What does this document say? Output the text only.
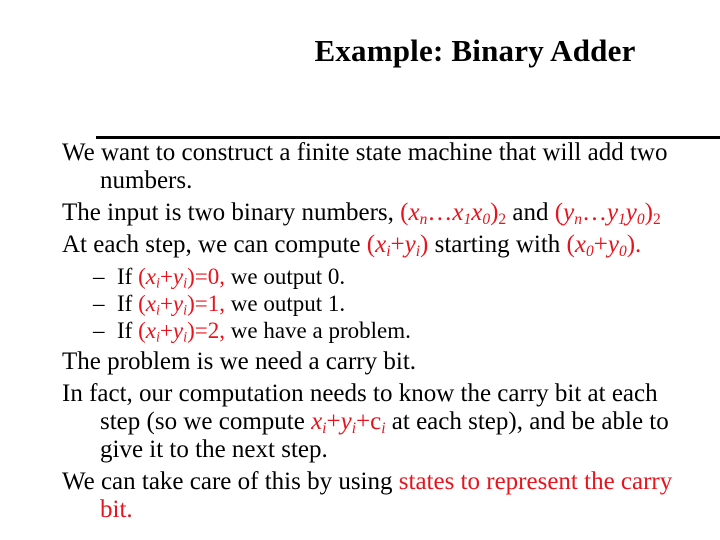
Example: Binary Adder
We want to construct a finite state machine that will add two
numbers.
The input is two binary numbers, $(x_n\dots x_1x_0)_2$ and $(y_n\dots y_1y_0)_2$
At each step, we can compute $(x_i+y_i)$ starting with $(x_0+y_0)$.
– If $(x_i+y_i)=0$, we output 0.
– If $(x_i+y_i)=1$, we output 1.
– If $(x_i+y_i)=2$, we have a problem.
The problem is we need a carry bit.
In fact, our computation needs to know the carry bit at each
step (so we compute $x_i+y_i+c_i$ at each step), and be able to
give it to the next step.
We can take care of this by using states to represent the carry
bit.
